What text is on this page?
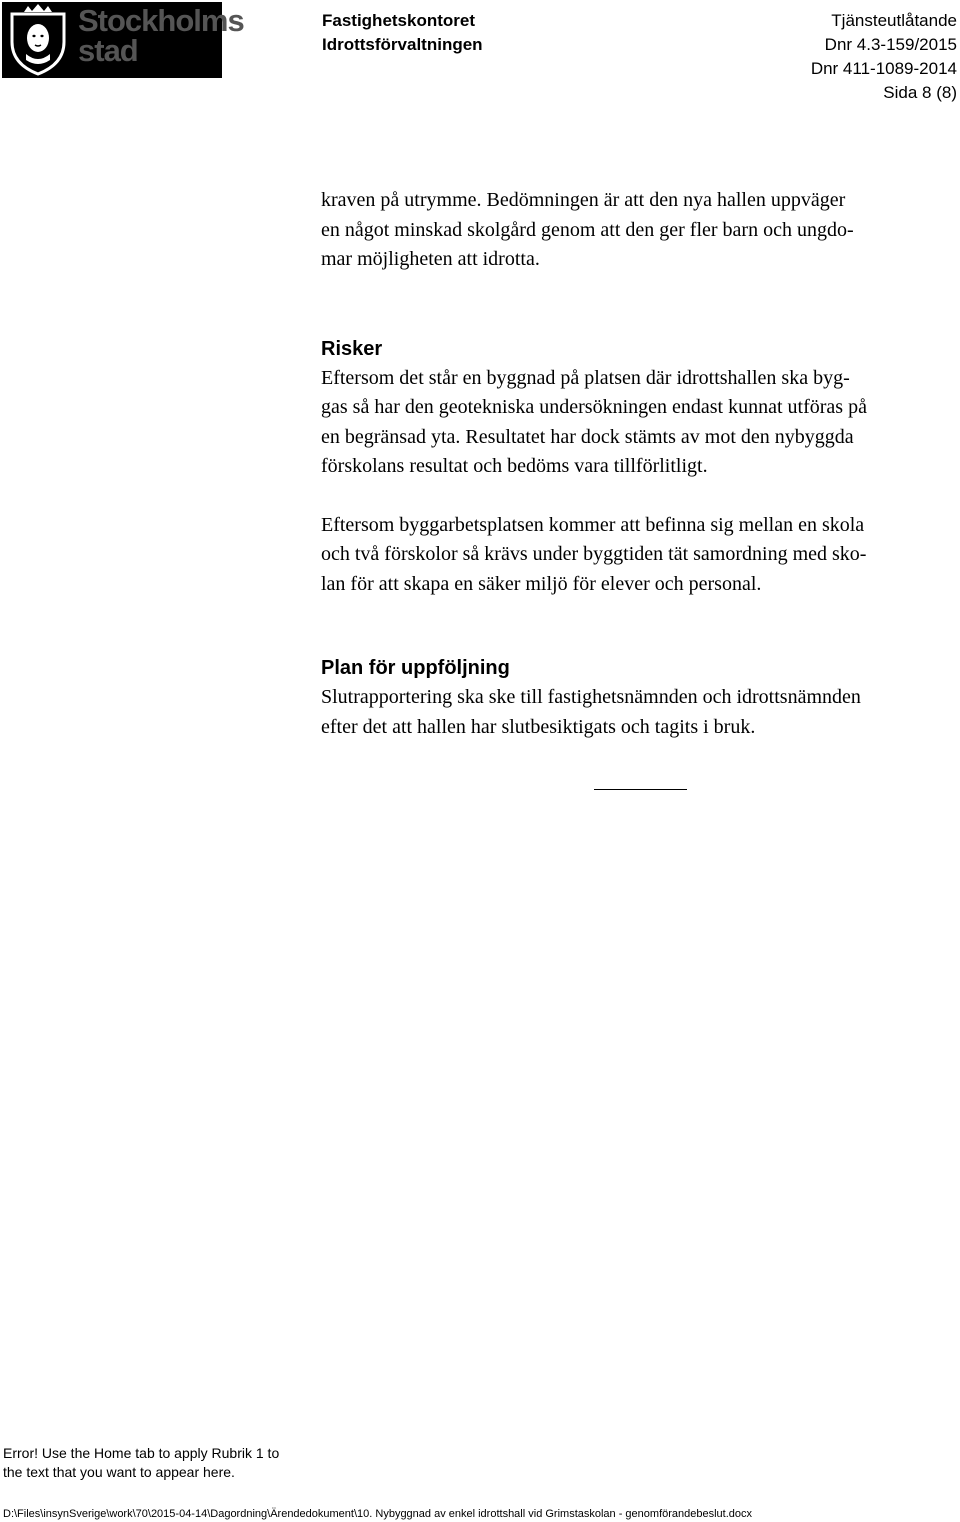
Stockholms
stad
Fastighetskontoret
Idrottsförvaltningen
Tjänsteutlåtande
Dnr 4.3-159/2015
Dnr 411-1089-2014
Sida 8 (8)

kraven på utrymme. Bedömningen är att den nya hallen uppväger

en något minskad skolgård genom att den ger fler barn och ungdo-

mar möjligheten att idrotta.

Risker

Eftersom det står en byggnad på platsen där idrottshallen ska byg-

gas så har den geotekniska undersökningen endast kunnat utföras på

en begränsad yta. Resultatet har dock stämts av mot den nybyggda

förskolans resultat och bedöms vara tillförlitligt.

Eftersom byggarbetsplatsen kommer att befinna sig mellan en skola

och två förskolor så krävs under byggtiden tät samordning med sko-

lan för att skapa en säker miljö för elever och personal.

Plan för uppföljning

Slutrapportering ska ske till fastighetsnämnden och idrottsnämnden

efter det att hallen har slutbesiktigats och tagits i bruk.

Error! Use the Home tab to apply Rubrik 1 to
the text that you want to appear here.
D:\Files\insynSverige\work\70\2015-04-14\Dagordning\Ärendedokument\10. Nybyggnad av enkel idrottshall vid Grimstaskolan - genomförandebeslut.docx
